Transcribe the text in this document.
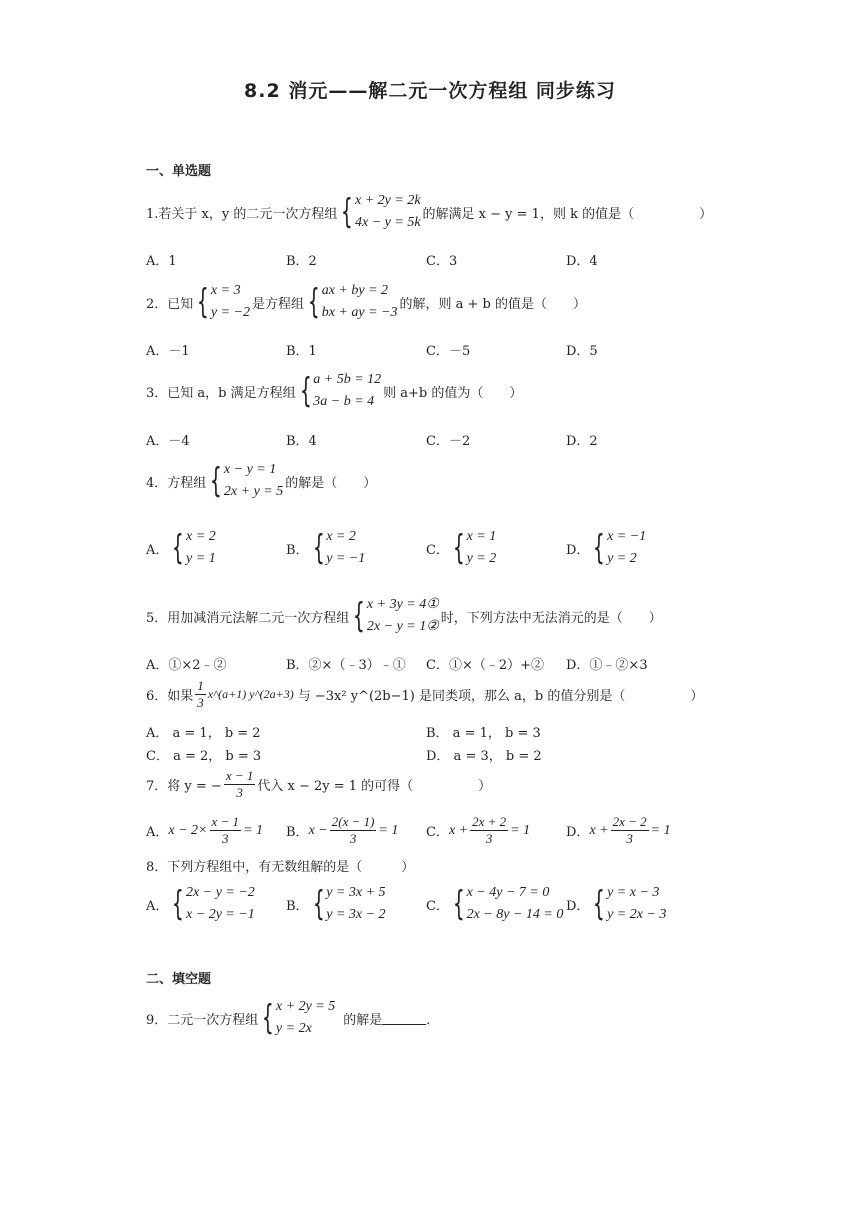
8.2 消元——解二元一次方程组 同步练习
一、单选题
1.若关于 x，y 的二元一次方程组 { x + 2y = 2k
4x − y = 5k
的解满足 x − y = 1，则 k 的值是（　　　　　）
A．1	B．2	C．3	D．4
2．已知 { x = 3
y = −2
是方程组 { ax + by = 2
bx + ay = −3
的解，则 a + b 的值是（　　）
A．－1	B．1	C．－5	D．5
3．已知 a，b 满足方程组 { a + 5b = 12
3a − b = 4
则 a+b 的值为（　　）
A．－4	B．4	C．－2	D．2
4．方程组 { x − y = 1
2x + y = 5
的解是（　　）
A． { x = 2
y = 1
B． { x = 2
y = −1
C． { x = 1
y = 2
D． { x = −1
y = 2
5．用加减消元法解二元一次方程组 { x + 3y = 4①
2x − y = 1②
时，下列方法中无法消元的是（　　）
A．①×2﹣②	B．②×（﹣3）﹣①	C．①×（﹣2）+②	D．①﹣②×3
6．如果 $\frac{1}{3}$ x^(a+1) y^(2a+3) 与 −3x² y^(2b−1) 是同类项，那么 a，b 的值分别是（　　　　　）
A． a = 1， b = 2	B． a = 1， b = 3
C． a = 2， b = 3	D． a = 3， b = 2
7．将 y = − $\frac{x - 1}{3}$ 代入 x − 2y = 1 的可得（　　　　　）
A． $x - 2\times \frac{x - 1}{3} = 1$ B． $x - \frac{2(x - 1)}{3} = 1$ C． $x + \frac{2x + 2}{3} = 1$	D． $x + \frac{2x - 2}{3} = 1$
8．下列方程组中，有无数组解的是（　　　）
A． { 2x − y = −2
x − 2y = −1
B． { y = 3x + 5
y = 3x − 2
C． { x − 4y − 7 = 0
2x − 8y − 14 = 0
D． { y = x − 3
y = 2x − 3
二、填空题
9．二元一次方程组 { x + 2y = 5
y = 2x
的解是	．
